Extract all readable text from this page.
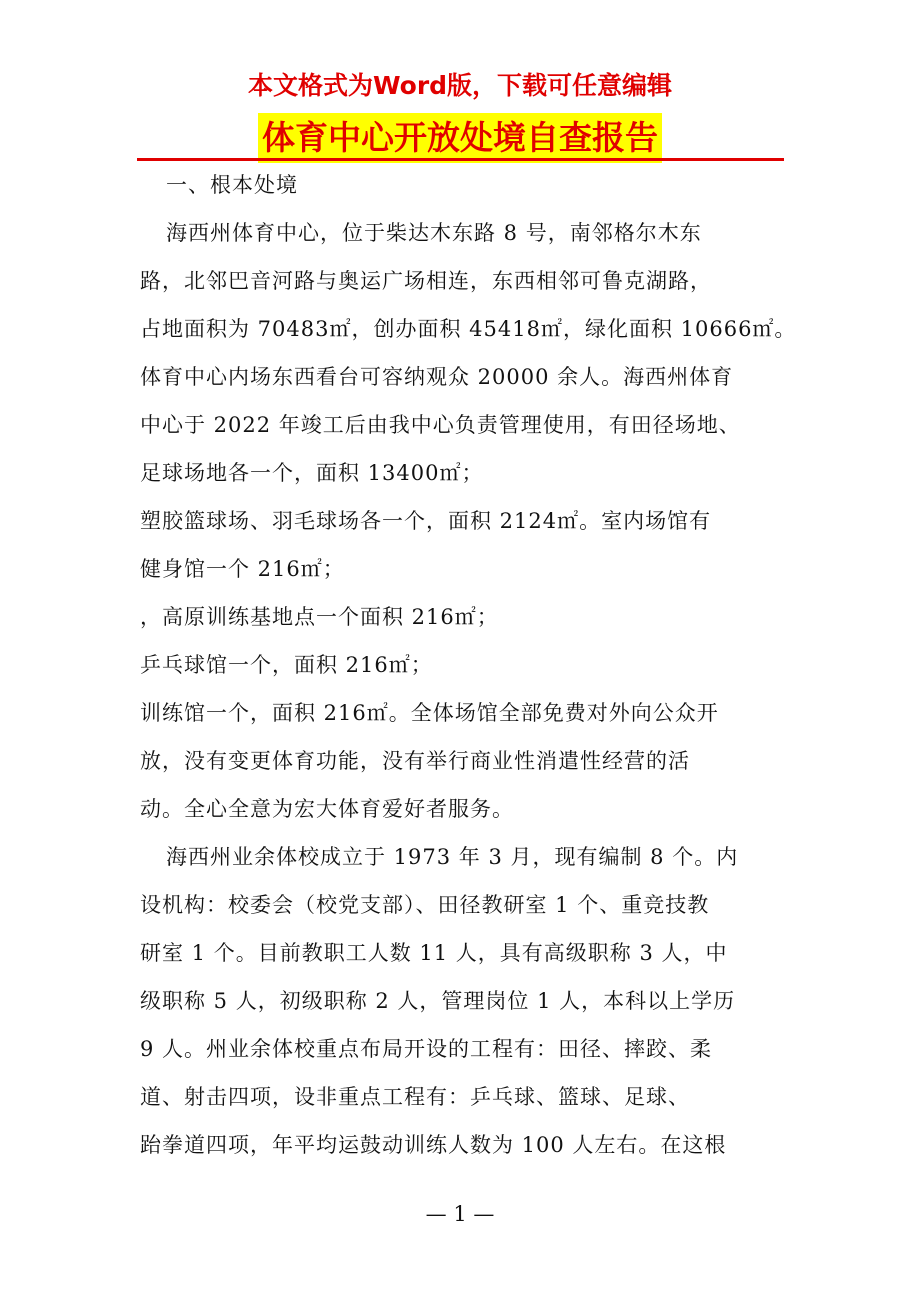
本文格式为Word版，下载可任意编辑
体育中心开放处境自查报告
一、根本处境
海西州体育中心，位于柴达木东路 8 号，南邻格尔木东
路，北邻巴音河路与奥运广场相连，东西相邻可鲁克湖路，
占地面积为 70483㎡，创办面积 45418㎡，绿化面积 10666㎡。
体育中心内场东西看台可容纳观众 20000 余人。海西州体育
中心于 2022 年竣工后由我中心负责管理使用，有田径场地、
足球场地各一个，面积 13400㎡；
塑胶篮球场、羽毛球场各一个，面积 2124㎡。室内场馆有
健身馆一个 216㎡；
，高原训练基地点一个面积 216㎡；
乒乓球馆一个，面积 216㎡；
训练馆一个，面积 216㎡。全体场馆全部免费对外向公众开
放，没有变更体育功能，没有举行商业性消遣性经营的活
动。全心全意为宏大体育爱好者服务。
海西州业余体校成立于 1973 年 3 月，现有编制 8 个。内
设机构：校委会（校党支部）、田径教研室 1 个、重竞技教
研室 1 个。目前教职工人数 11 人，具有高级职称 3 人，中
级职称 5 人，初级职称 2 人，管理岗位 1 人，本科以上学历
9 人。州业余体校重点布局开设的工程有：田径、摔跤、柔
道、射击四项，设非重点工程有：乒乓球、篮球、足球、
跆拳道四项，年平均运鼓动训练人数为 100 人左右。在这根
— 1 —
